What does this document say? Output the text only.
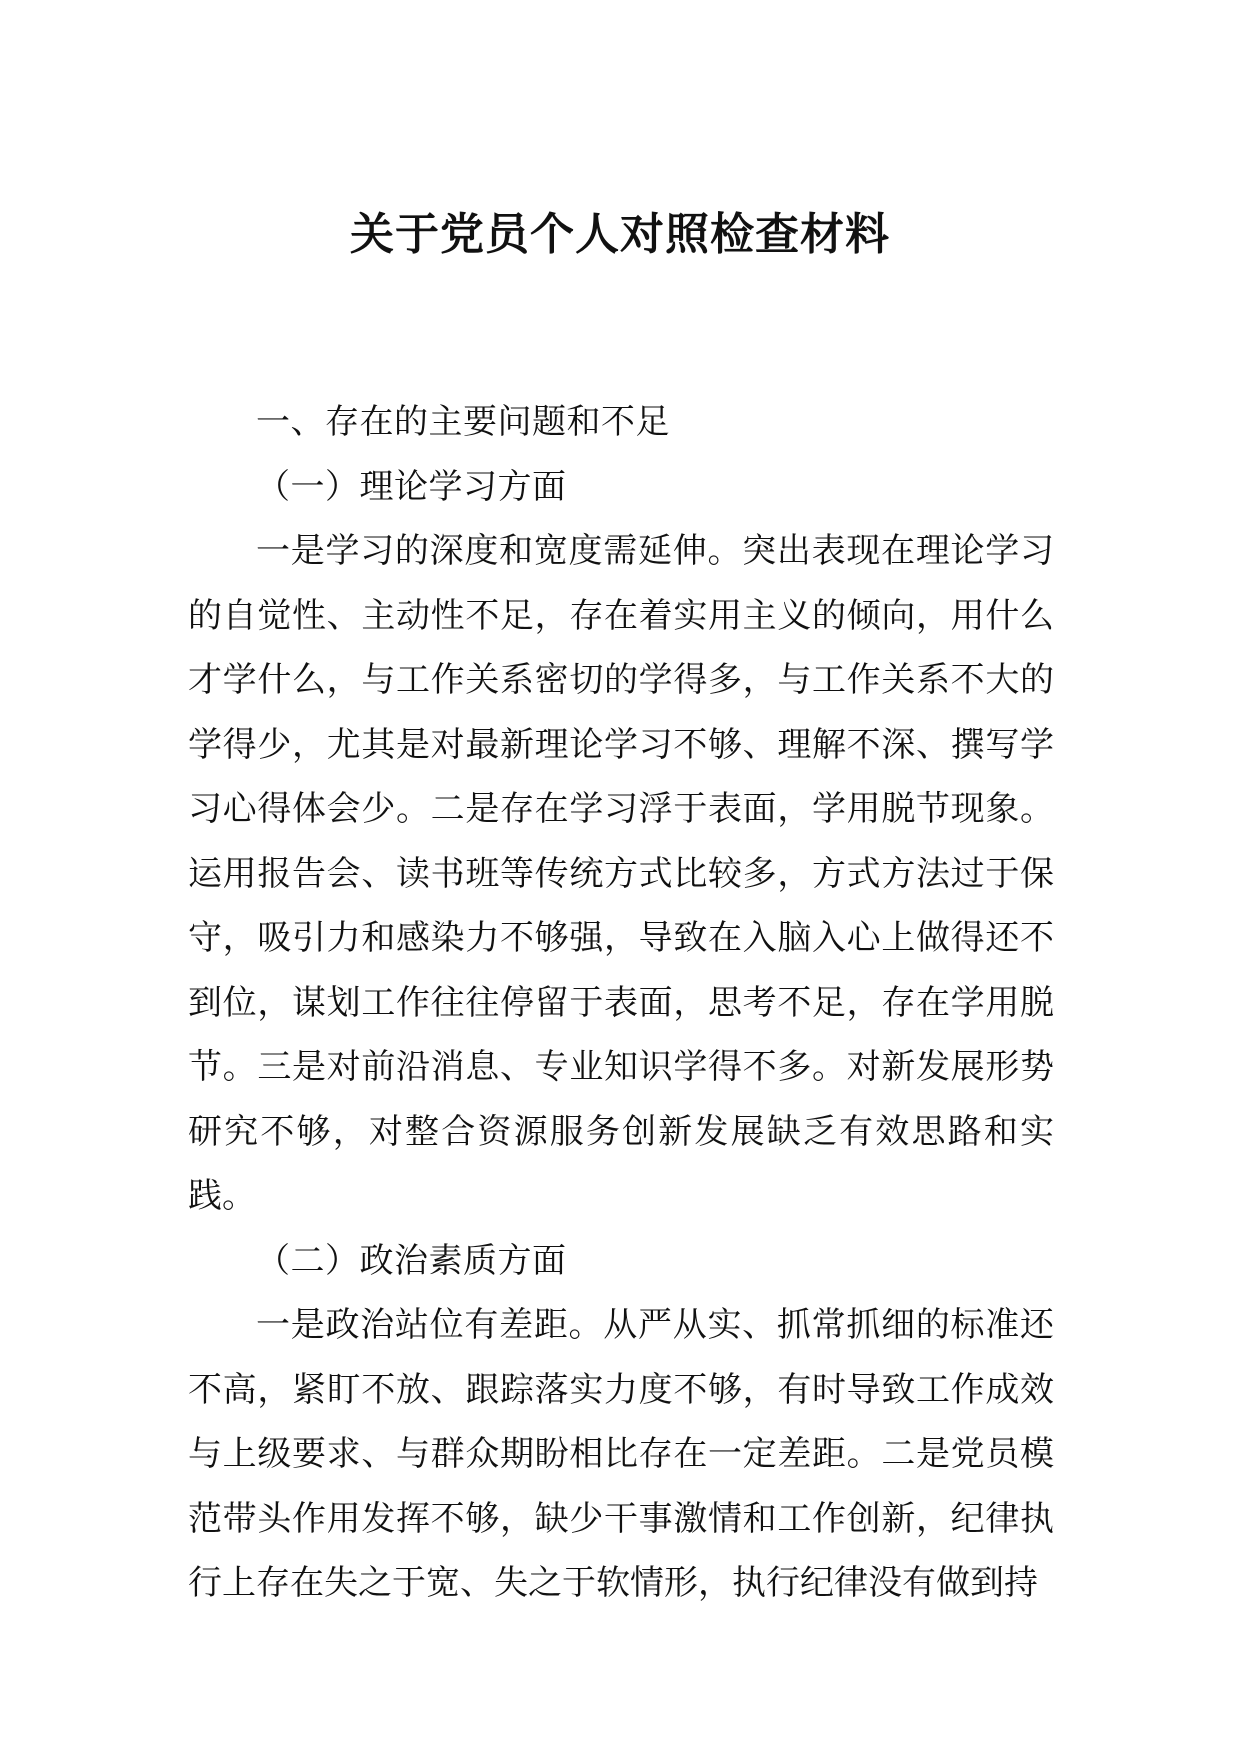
关于党员个人对照检查材料

一、存在的主要问题和不足

（一）理论学习方面

一是学习的深度和宽度需延伸。突出表现在理论学习的自觉性、主动性不足，存在着实用主义的倾向，用什么才学什么，与工作关系密切的学得多，与工作关系不大的学得少，尤其是对最新理论学习不够、理解不深、撰写学习心得体会少。二是存在学习浮于表面，学用脱节现象。运用报告会、读书班等传统方式比较多，方式方法过于保守，吸引力和感染力不够强，导致在入脑入心上做得还不到位，谋划工作往往停留于表面，思考不足，存在学用脱节。三是对前沿消息、专业知识学得不多。对新发展形势研究不够，对整合资源服务创新发展缺乏有效思路和实践。

（二）政治素质方面

一是政治站位有差距。从严从实、抓常抓细的标准还不高，紧盯不放、跟踪落实力度不够，有时导致工作成效与上级要求、与群众期盼相比存在一定差距。二是党员模范带头作用发挥不够，缺少干事激情和工作创新，纪律执行上存在失之于宽、失之于软情形，执行纪律没有做到持
